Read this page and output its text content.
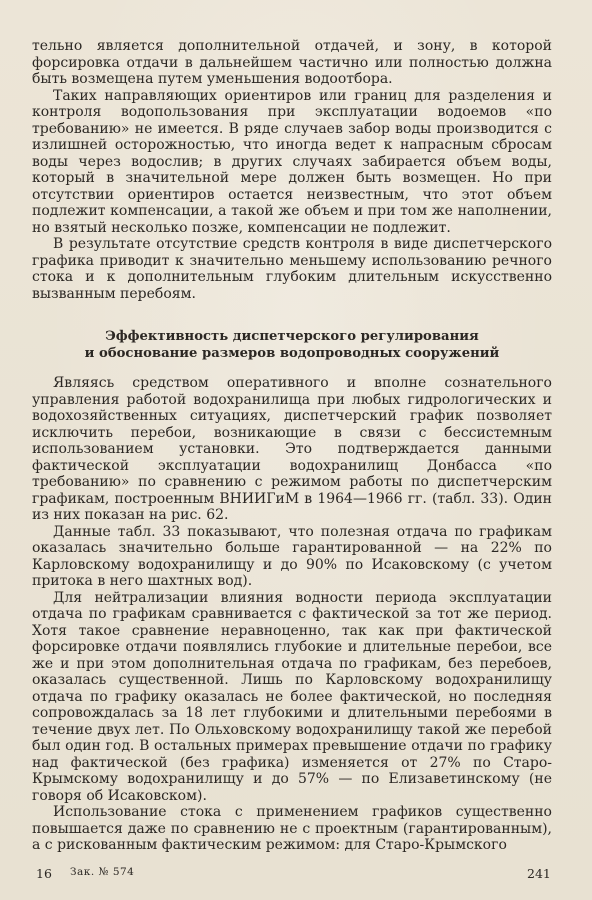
тельно является дополнительной отдачей, и зону, в которой форсировка отдачи в дальнейшем частично или полностью должна быть возмещена путем уменьшения водоотбора.

Таких направляющих ориентиров или границ для разделения и контроля водопользования при эксплуатации водоемов «по требованию» не имеется. В ряде случаев забор воды производится с излишней осторожностью, что иногда ведет к напрасным сбросам воды через водослив; в других случаях забирается объем воды, который в значительной мере должен быть возмещен. Но при отсутствии ориентиров остается неизвестным, что этот объем подлежит компенсации, а такой же объем и при том же наполнении, но взятый несколько позже, компенсации не подлежит.

В результате отсутствие средств контроля в виде диспетчерского графика приводит к значительно меньшему использованию речного стока и к дополнительным глубоким длительным искусственно вызванным перебоям.

Эффективность диспетчерского регулирования
и обоснование размеров водопроводных сооружений

Являясь средством оперативного и вполне сознательного управления работой водохранилища при любых гидрологических и водохозяйственных ситуациях, диспетчерский график позволяет исключить перебои, возникающие в связи с бессистемным использованием установки. Это подтверждается данными фактической эксплуатации водохранилищ Донбасса «по требованию» по сравнению с режимом работы по диспетчерским графикам, построенным ВНИИГиМ в 1964—1966 гг. (табл. 33). Один из них показан на рис. 62.

Данные табл. 33 показывают, что полезная отдача по графикам оказалась значительно больше гарантированной — на 22% по Карловскому водохранилищу и до 90% по Исаковскому (с учетом притока в него шахтных вод).

Для нейтрализации влияния водности периода эксплуатации отдача по графикам сравнивается с фактической за тот же период. Хотя такое сравнение неравноценно, так как при фактической форсировке отдачи появлялись глубокие и длительные перебои, все же и при этом дополнительная отдача по графикам, без перебоев, оказалась существенной. Лишь по Карловскому водохранилищу отдача по графику оказалась не более фактической, но последняя сопровождалась за 18 лет глубокими и длительными перебоями в течение двух лет. По Ольховскому водохранилищу такой же перебой был один год. В остальных примерах превышение отдачи по графику над фактической (без графика) изменяется от 27% по Старо-Крымскому водохранилищу и до 57% — по Елизаветинскому (не говоря об Исаковском).

Использование стока с применением графиков существенно повышается даже по сравнению не с проектным (гарантированным), а с рискованным фактическим режимом: для Старо-Крымского

16 Зак. № 574	241
